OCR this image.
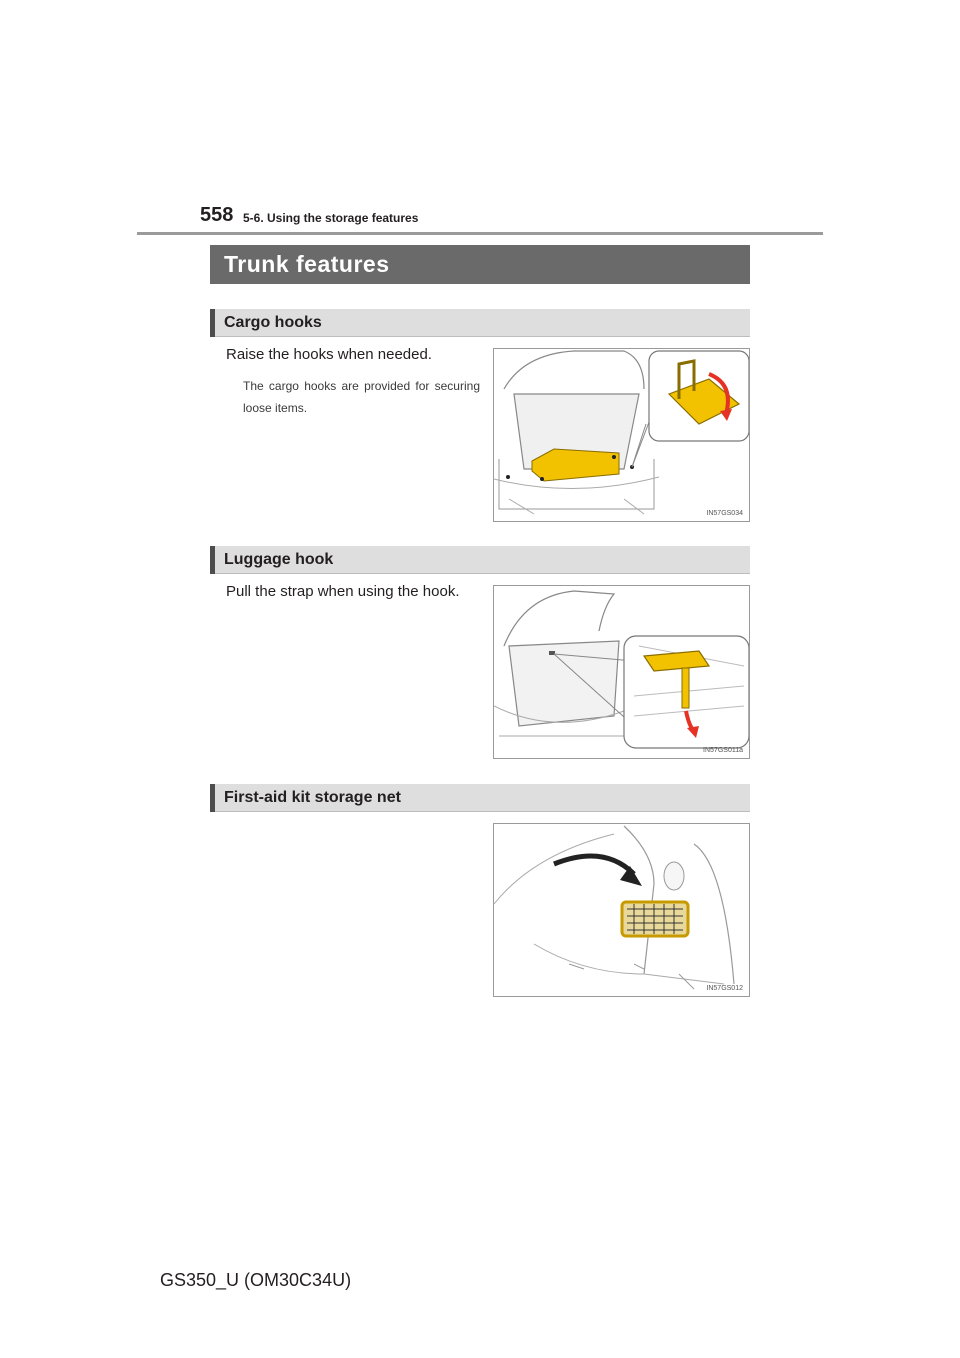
558 5-6. Using the storage features
Trunk features
Cargo hooks
Raise the hooks when needed.
The cargo hooks are provided for securing loose items.
IN57GS034
Luggage hook
Pull the strap when using the hook.
IN57GS011a
First-aid kit storage net
IN57GS012
GS350_U (OM30C34U)
